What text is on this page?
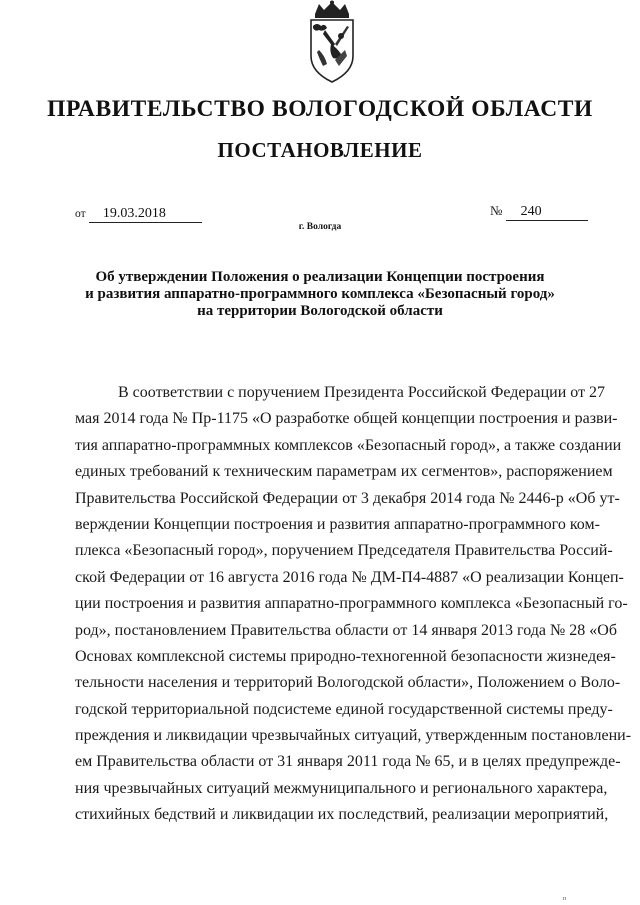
ПРАВИТЕЛЬСТВО ВОЛОГОДСКОЙ ОБЛАСТИ
ПОСТАНОВЛЕНИЕ
от 19.03.2018	№ 240
г. Вологда
Об утверждении Положения о реализации Концепции построения
и развития аппаратно-программного комплекса «Безопасный город»
на территории Вологодской области
В соответствии с поручением Президента Российской Федерации от 27
мая 2014 года № Пр-1175 «О разработке общей концепции построения и разви-
тия аппаратно-программных комплексов «Безопасный город», а также создании
единых требований к техническим параметрам их сегментов», распоряжением
Правительства Российской Федерации от 3 декабря 2014 года № 2446-р «Об ут-
верждении Концепции построения и развития аппаратно-программного ком-
плекса «Безопасный город», поручением Председателя Правительства Россий-
ской Федерации от 16 августа 2016 года № ДМ-П4-4887 «О реализации Концеп-
ции построения и развития аппаратно-программного комплекса «Безопасный го-
род», постановлением Правительства области от 14 января 2013 года № 28 «Об
Основах комплексной системы природно-техногенной безопасности жизнедея-
тельности населения и территорий Вологодской области», Положением о Воло-
годской территориальной подсистеме единой государственной системы преду-
преждения и ликвидации чрезвычайных ситуаций, утвержденным постановлени-
ем Правительства области от 31 января 2011 года № 65, и в целях предупрежде-
ния чрезвычайных ситуаций межмуниципального и регионального характера,
стихийных бедствий и ликвидации их последствий, реализации мероприятий,
п
